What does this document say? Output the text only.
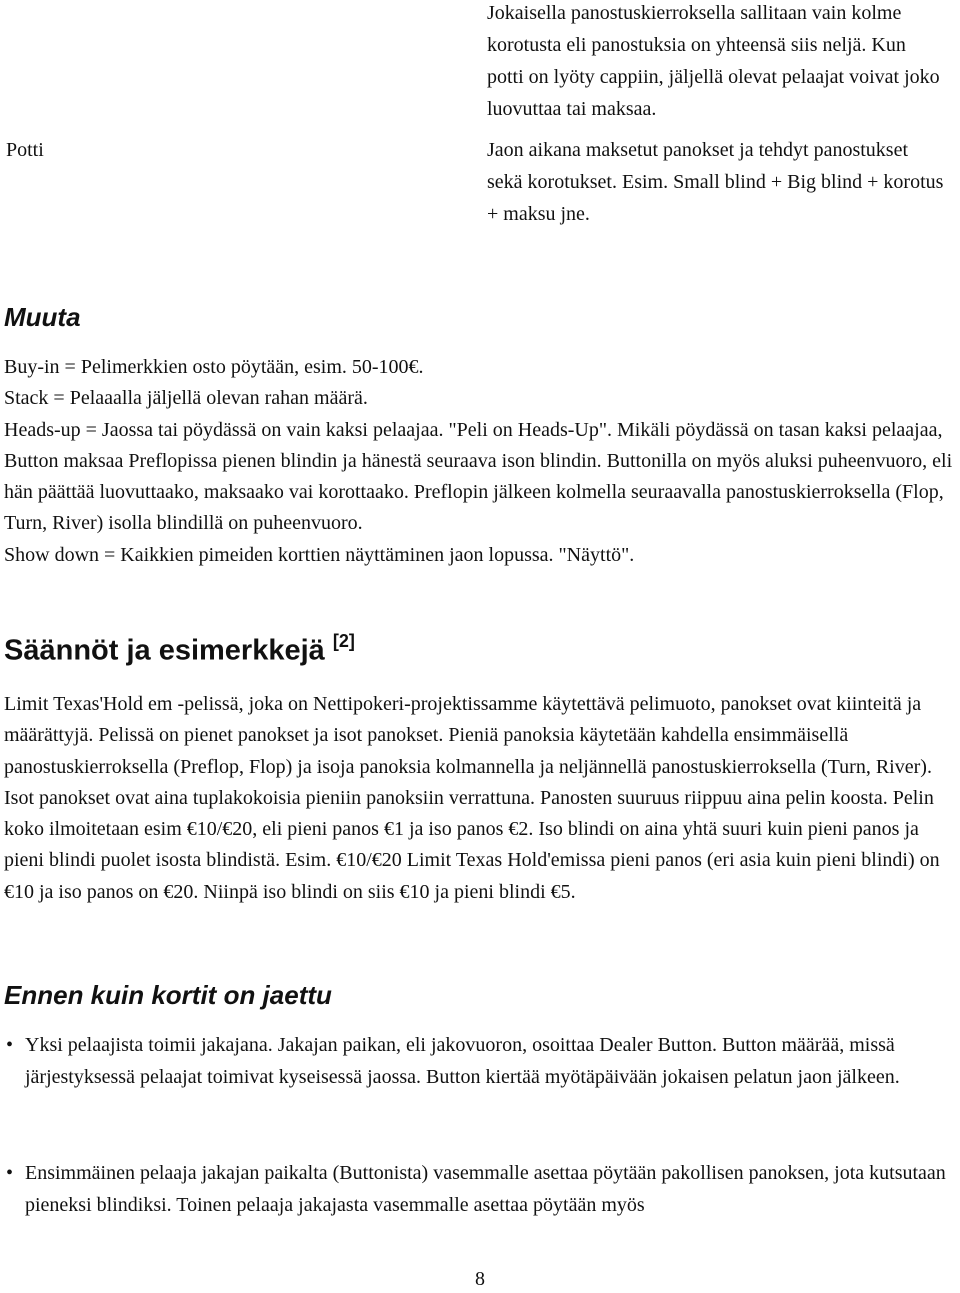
Jokaisella panostuskierroksella sallitaan vain kolme korotusta eli panostuksia on yhteensä siis neljä. Kun potti on lyöty cappiin, jäljellä olevat pelaajat voivat joko luovuttaa tai maksaa.
Potti	Jaon aikana maksetut panokset ja tehdyt panostukset sekä korotukset. Esim. Small blind + Big blind + korotus + maksu jne.
Muuta

Buy-in = Pelimerkkien osto pöytään, esim. 50-100€.

Stack = Pelaaalla jäljellä olevan rahan määrä.

Heads-up = Jaossa tai pöydässä on vain kaksi pelaajaa. "Peli on Heads-Up". Mikäli pöydässä on tasan kaksi pelaajaa, Button maksaa Preflopissa pienen blindin ja hänestä seuraava ison blindin. Buttonilla on myös aluksi puheenvuoro, eli hän päättää luovuttaako, maksaako vai korottaako. Preflopin jälkeen kolmella seuraavalla panostuskierroksella (Flop, Turn, River) isolla blindillä on puheenvuoro.

Show down = Kaikkien pimeiden korttien näyttäminen jaon lopussa. "Näyttö".

Säännöt ja esimerkkejä [2]
Limit Texas'Hold em -pelissä, joka on Nettipokeri-projektissamme käytettävä pelimuoto, panokset ovat kiinteitä ja määrättyjä. Pelissä on pienet panokset ja isot panokset. Pieniä panoksia käytetään kahdella ensimmäisellä panostuskierroksella (Preflop, Flop) ja isoja panoksia kolmannella ja neljännellä panostuskierroksella (Turn, River). Isot panokset ovat aina tuplakokoisia pieniin panoksiin verrattuna. Panosten suuruus riippuu aina pelin koosta. Pelin koko ilmoitetaan esim €10/€20, eli pieni panos €1 ja iso panos €2. Iso blindi on aina yhtä suuri kuin pieni panos ja pieni blindi puolet isosta blindistä. Esim. €10/€20 Limit Texas Hold'emissa pieni panos (eri asia kuin pieni blindi) on €10 ja iso panos on €20. Niinpä iso blindi on siis €10 ja pieni blindi €5.
Ennen kuin kortit on jaettu
• Yksi pelaajista toimii jakajana. Jakajan paikan, eli jakovuoron, osoittaa Dealer Button. Button määrää, missä järjestyksessä pelaajat toimivat kyseisessä jaossa. Button kiertää myötäpäivään jokaisen pelatun jaon jälkeen.
• Ensimmäinen pelaaja jakajan paikalta (Buttonista) vasemmalle asettaa pöytään pakollisen panoksen, jota kutsutaan pieneksi blindiksi. Toinen pelaaja jakajasta vasemmalle asettaa pöytään myös
8
